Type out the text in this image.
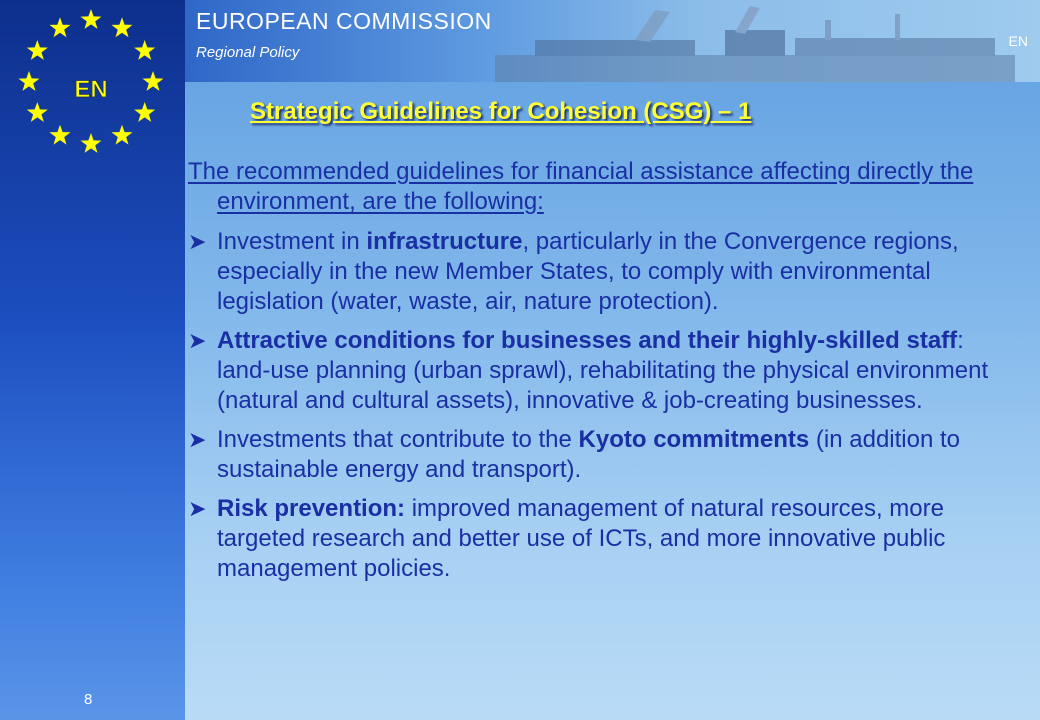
EN
8
EUROPEAN COMMISSION
Regional Policy
EN
Strategic Guidelines for Cohesion (CSG) – 1
The recommended guidelines for financial assistance affecting directly the environment, are the following:
➤ Investment in infrastructure, particularly in the Convergence regions, especially in the new Member States, to comply with environmental legislation (water, waste, air, nature protection).
➤ Attractive conditions for businesses and their highly-skilled staff: land-use planning (urban sprawl), rehabilitating the physical environment (natural and cultural assets), innovative & job-creating businesses.
➤ Investments that contribute to the Kyoto commitments (in addition to sustainable energy and transport).
➤ Risk prevention: improved management of natural resources, more targeted research and better use of ICTs, and more innovative public management policies.
